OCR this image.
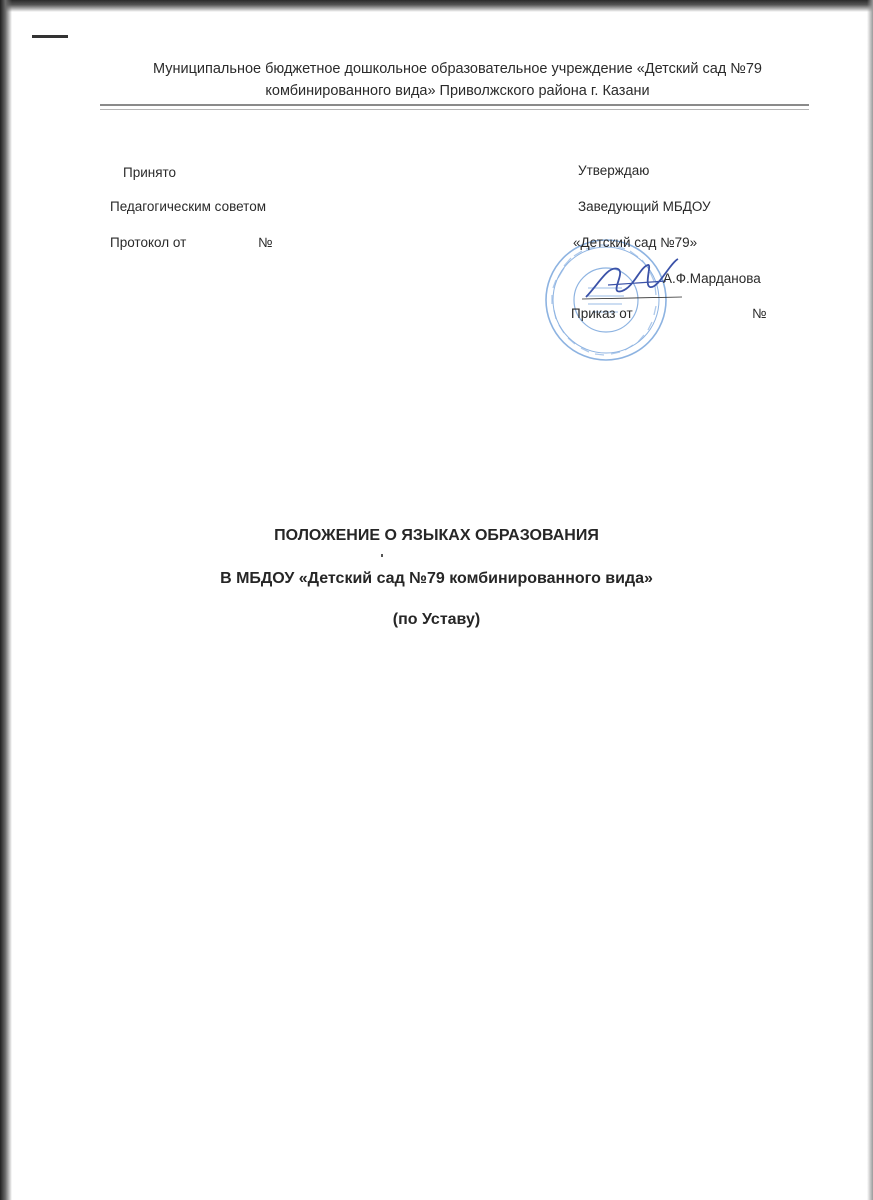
Муниципальное бюджетное дошкольное образовательное учреждение «Детский сад №79
комбинированного вида» Приволжского района г. Казани
Принято
Педагогическим советом
Протокол от	№
Утверждаю
Заведующий МБДОУ
«Детский сад №79»
А.Ф.Марданова
Приказ от	№
ПОЛОЖЕНИЕ О ЯЗЫКАХ ОБРАЗОВАНИЯ
В МБДОУ «Детский сад №79 комбинированного вида»
(по Уставу)
